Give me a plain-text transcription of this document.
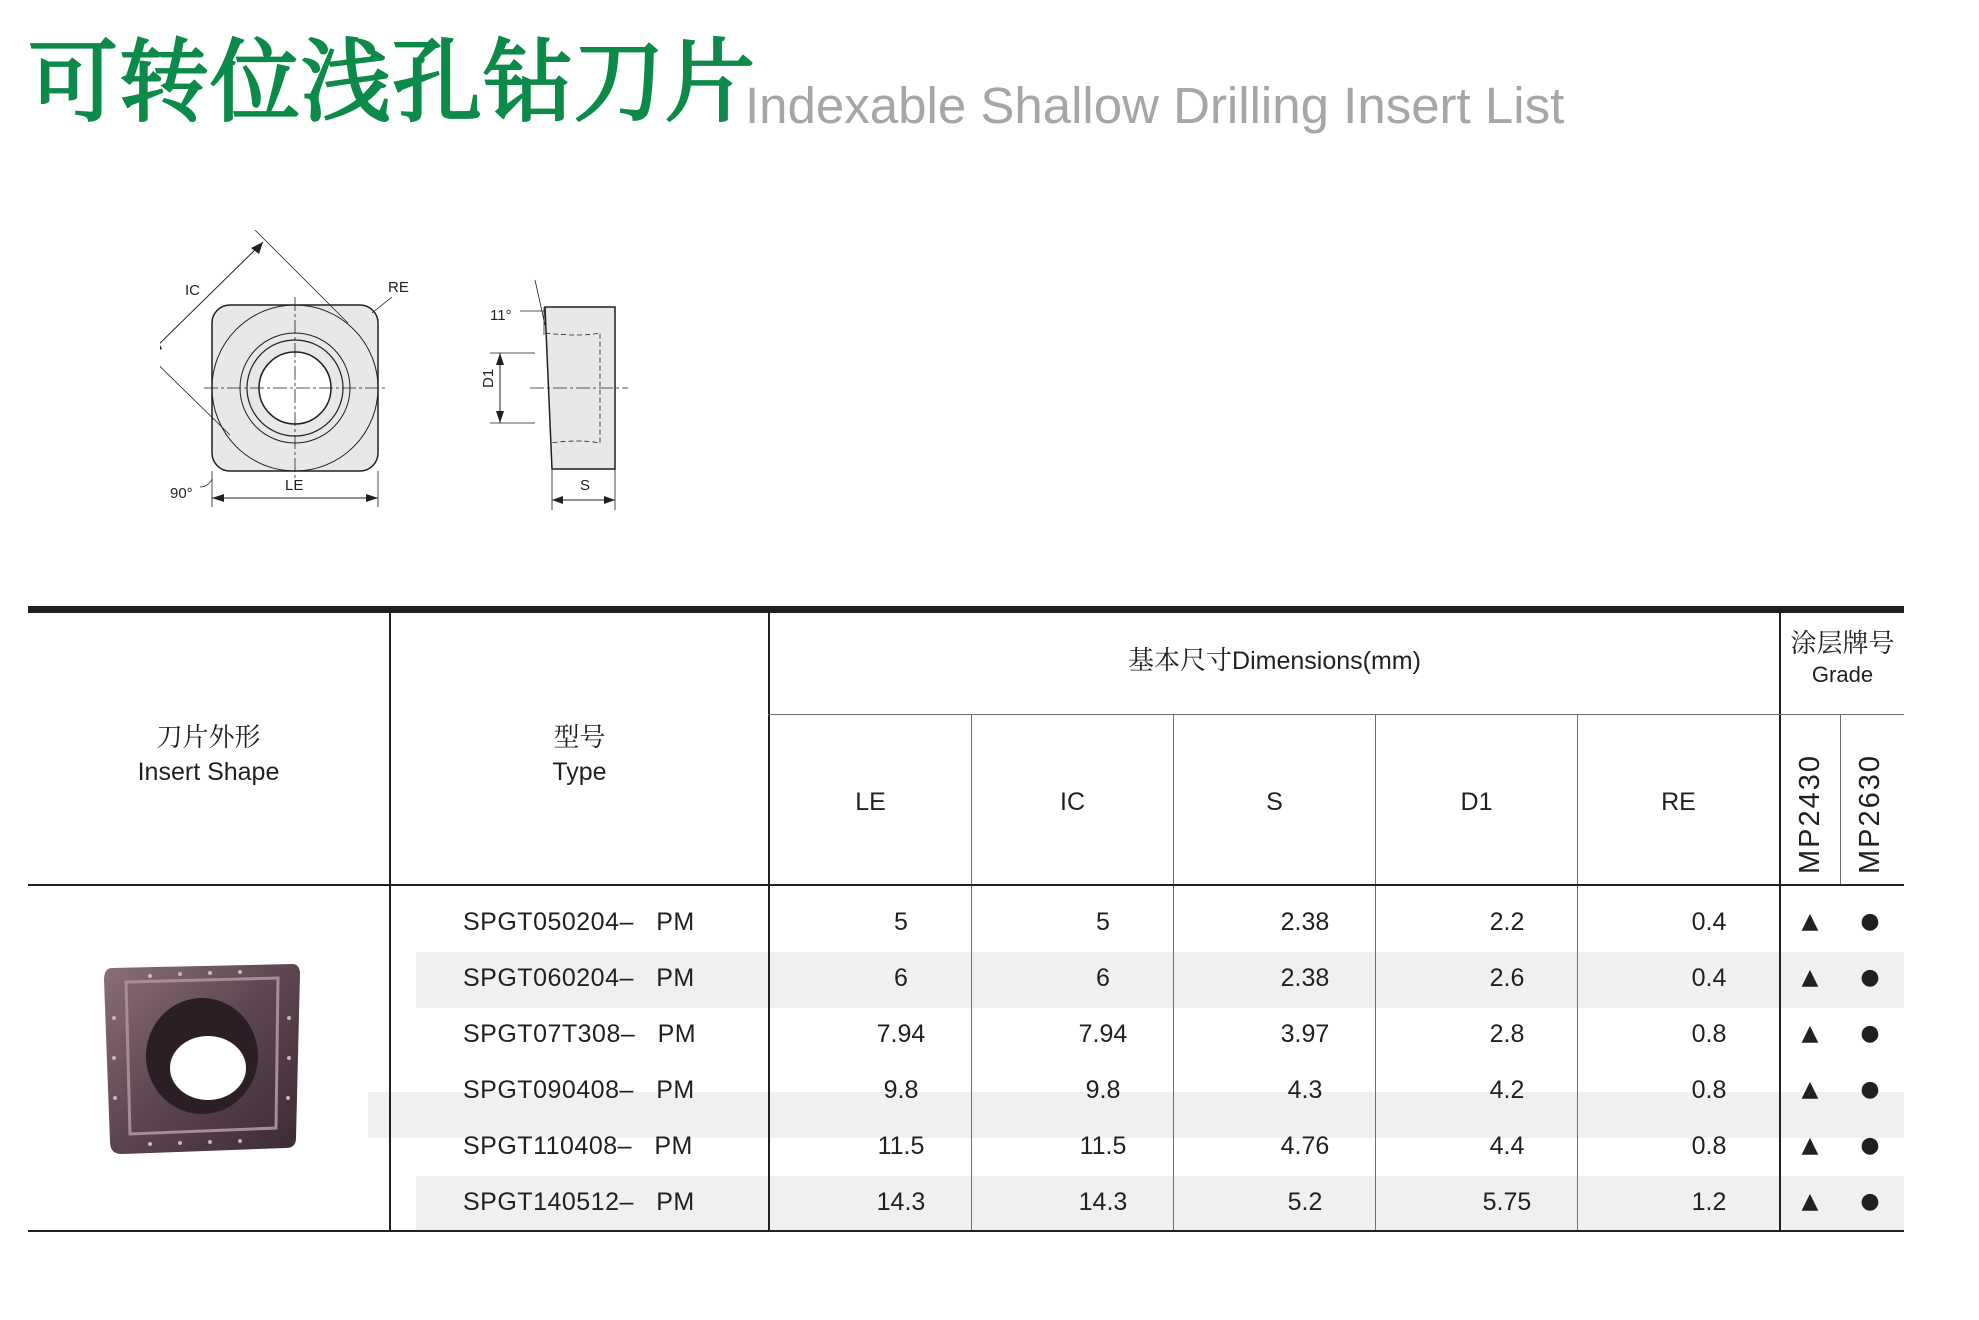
可转位浅孔钻刀片
Indexable Shallow Drilling Insert List
IC	RE
LE
90°
D1
11°
S
刀片外形
Insert Shape
型号
Type
基本尺寸Dimensions(mm)
涂层牌号
Grade
LE	IC	S	D1	RE	MP2430 MP2630
SPGT050204–   PM	5	5	2.38	2.2	0.4	▲	●
SPGT060204–   PM	6	6	2.38	2.6	0.4	▲	●
SPGT07T308–   PM	7.94	7.94	3.97	2.8	0.8	▲	●
SPGT090408–   PM	9.8	9.8	4.3	4.2	0.8	▲	●
SPGT110408–   PM	11.5	11.5	4.76	4.4	0.8	▲	●
SPGT140512–   PM	14.3	14.3	5.2	5.75	1.2	▲	●
